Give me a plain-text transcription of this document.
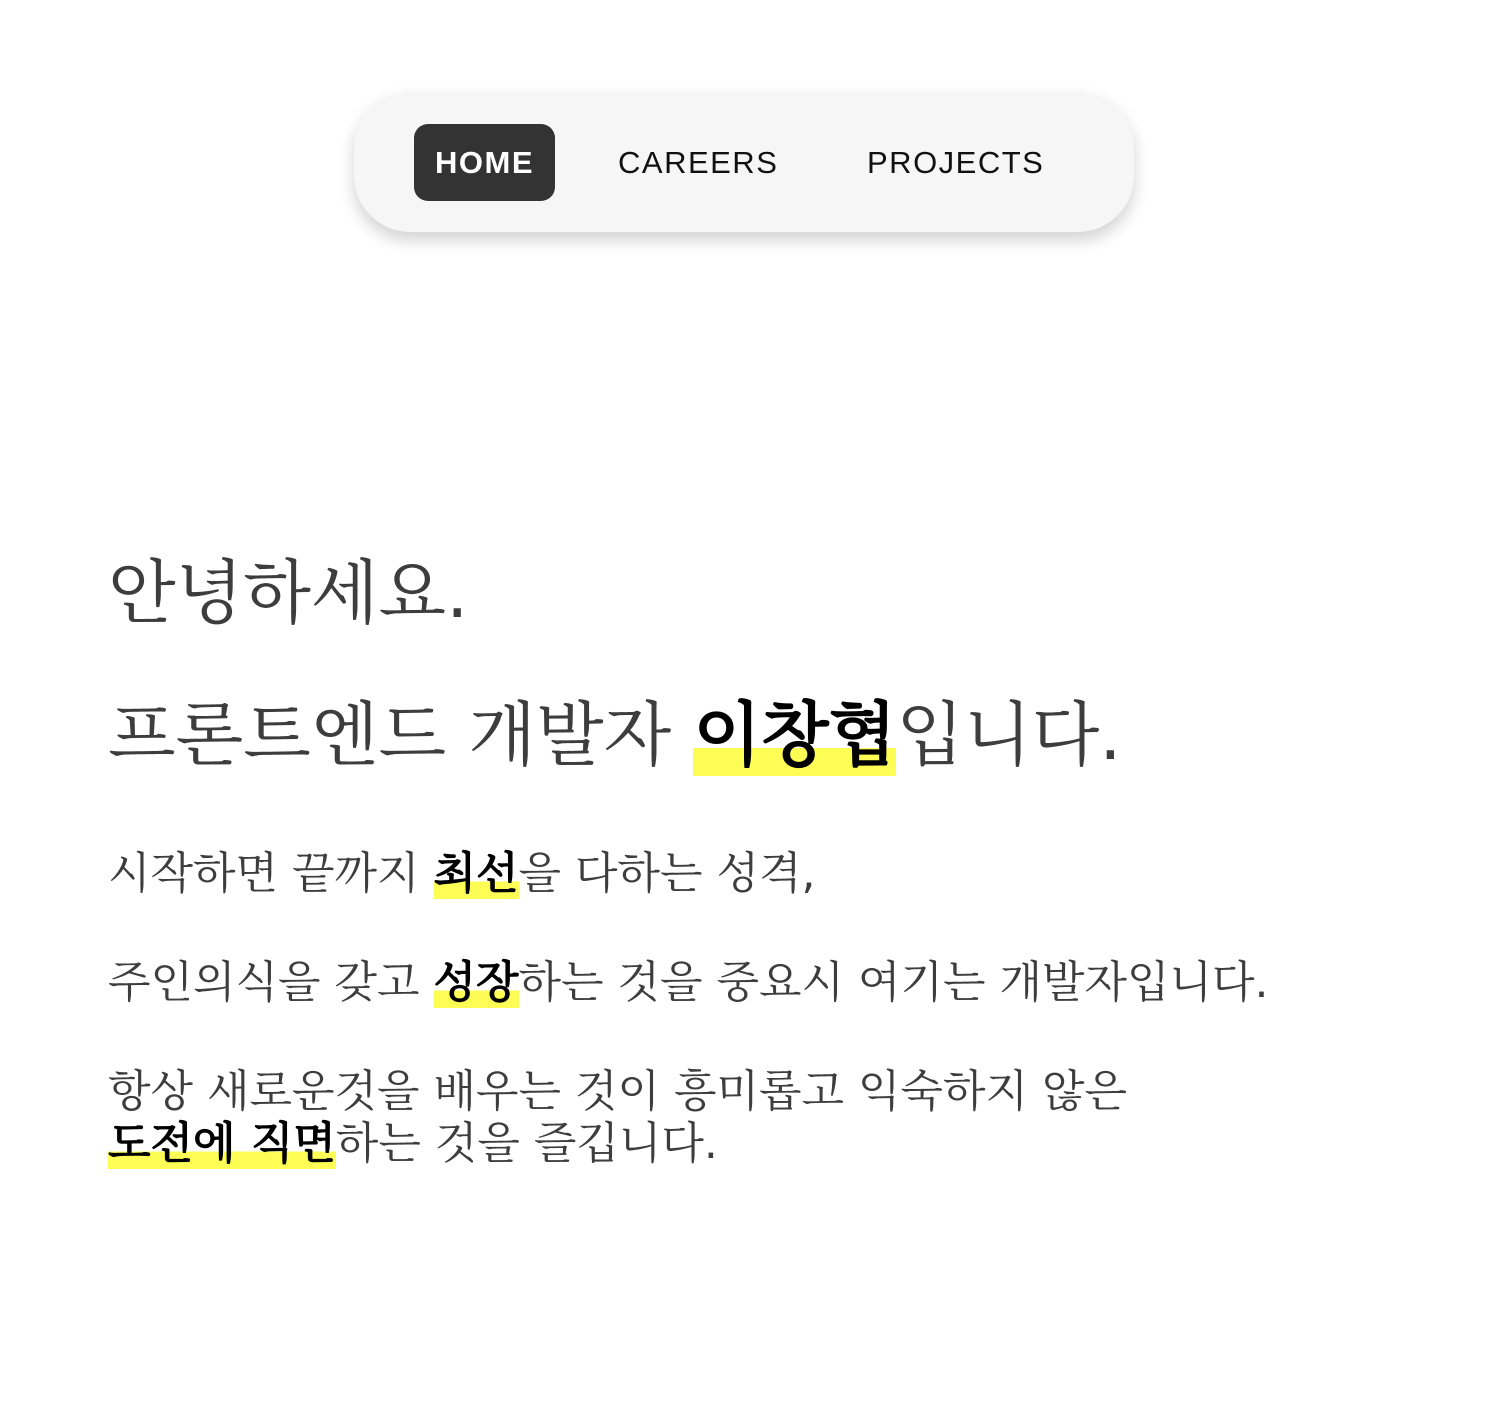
HOME	CAREERS	PROJECTS
안녕하세요.
프론트엔드 개발자 이창협입니다.

시작하면 끝까지 최선을 다하는 성격,

주인의식을 갖고 성장하는 것을 중요시 여기는 개발자입니다.

항상 새로운것을 배우는 것이 흥미롭고 익숙하지 않은

도전에 직면하는 것을 즐깁니다.
